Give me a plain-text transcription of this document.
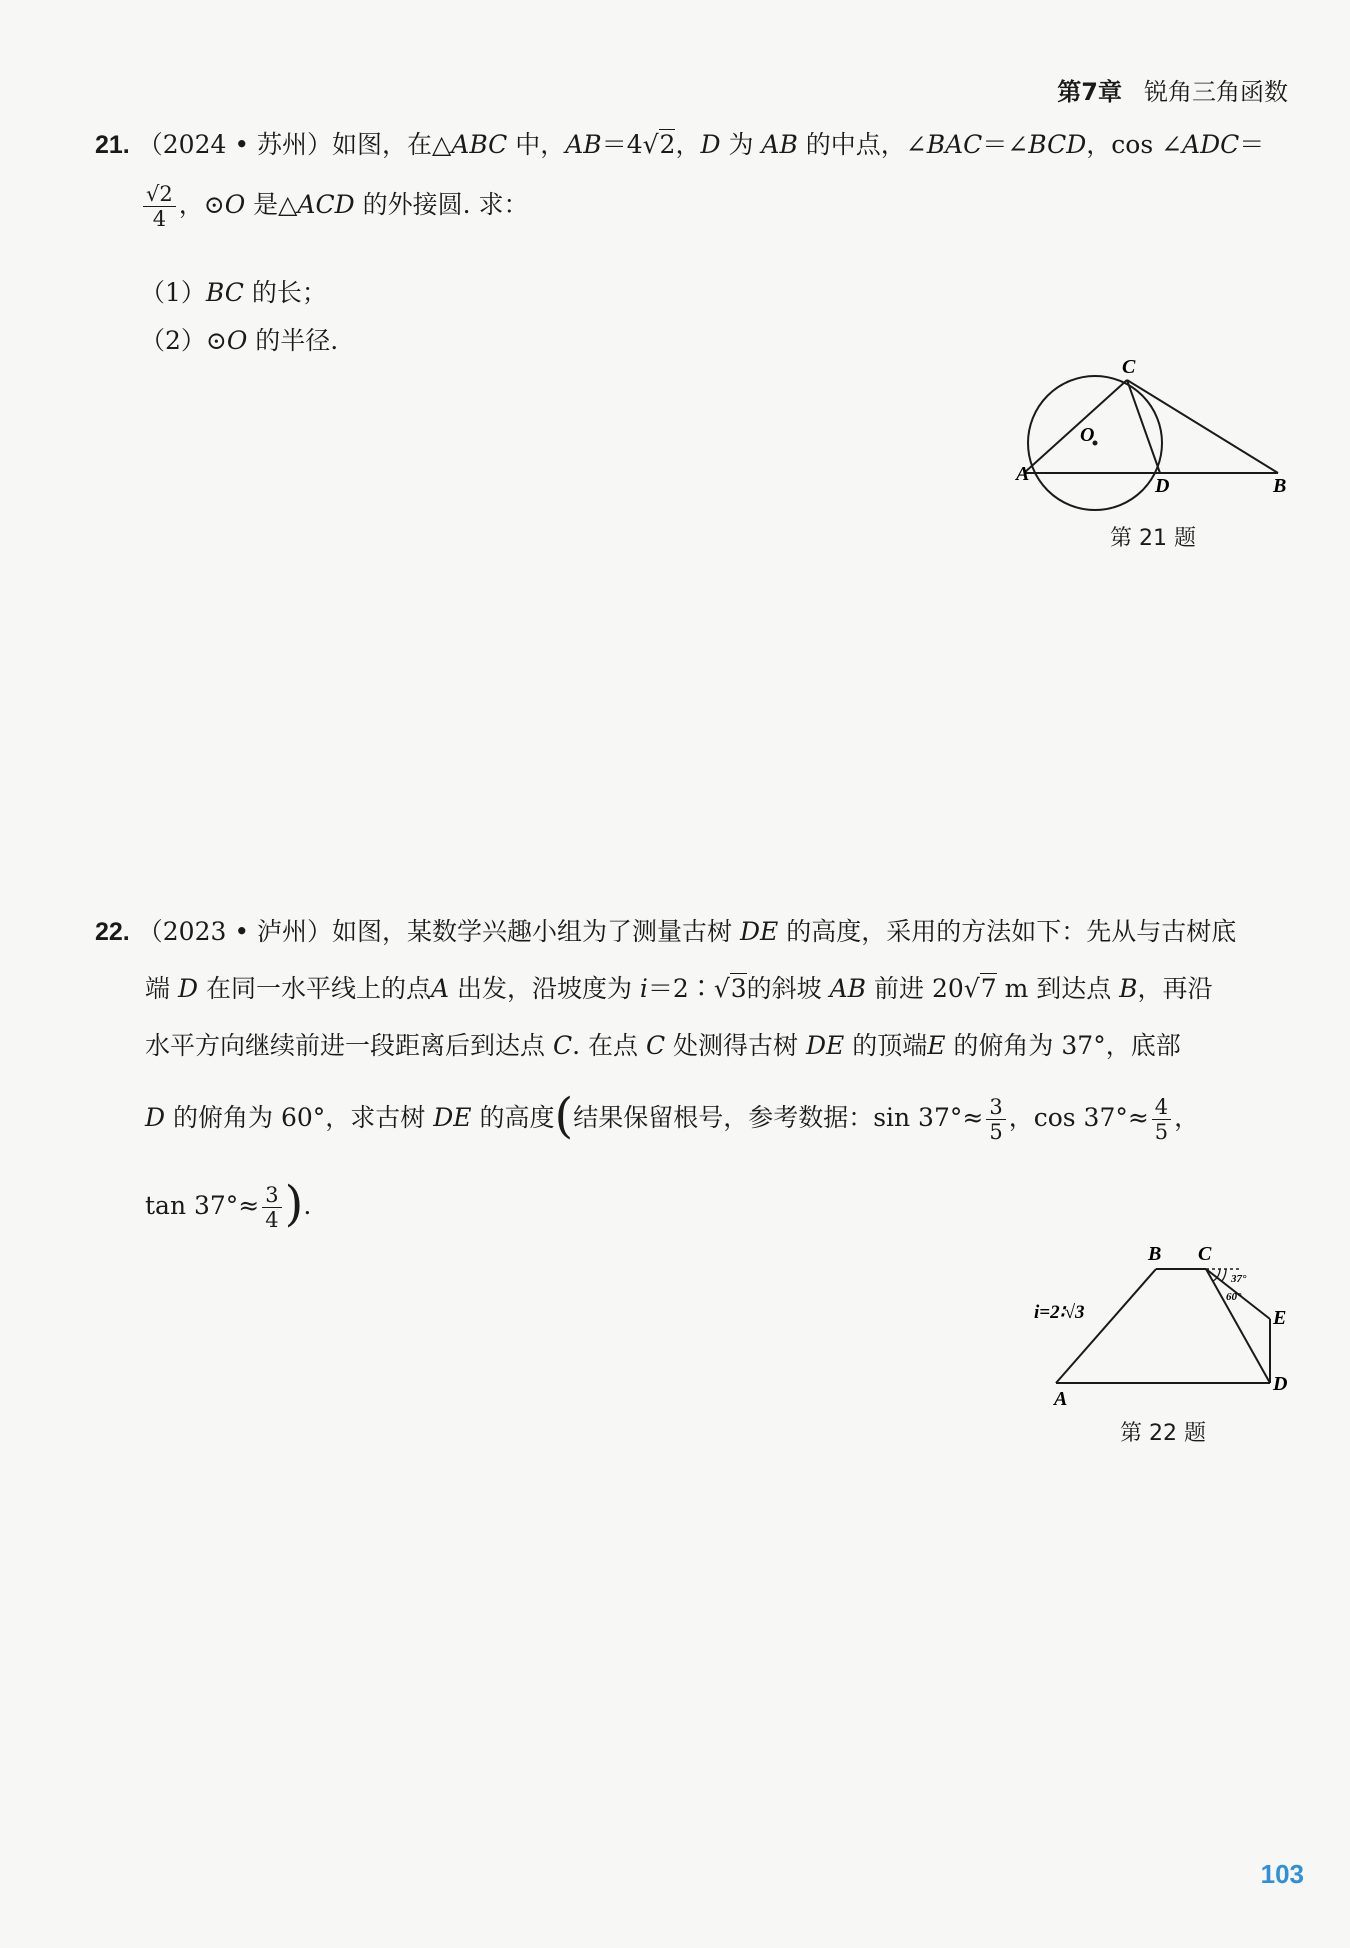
第7章 锐角三角函数
21. （2024 • 苏州）如图，在△ABC 中，AB＝4√2，D 为 AB 的中点，∠BAC＝∠BCD，cos ∠ADC＝
$\frac{√2}{4}$ ，⊙O 是△ACD 的外接圆. 求：
（1）BC 的长；
（2）⊙O 的半径.
C
O
A
D	B
第 21 题
22. （2023 • 泸州）如图，某数学兴趣小组为了测量古树 DE 的高度，采用的方法如下：先从与古树底
端 D 在同一水平线上的点A 出发，沿坡度为 i＝2∶√3的斜坡 AB 前进 20√7 m 到达点 B，再沿
水平方向继续前进一段距离后到达点 C. 在点 C 处测得古树 DE 的顶端E 的俯角为 37°，底部
D 的俯角为 60°，求古树 DE 的高度(结果保留根号，参考数据：$\sin 37^\circ\approx \frac{3}{5}$ ，$\cos 37^\circ\approx \frac{4}{5}$ ，
$\tan 37^\circ\approx \frac{3}{4}$ ).
B C
37°
60°
E
D
A
i=2∶√3
第 22 题
103
